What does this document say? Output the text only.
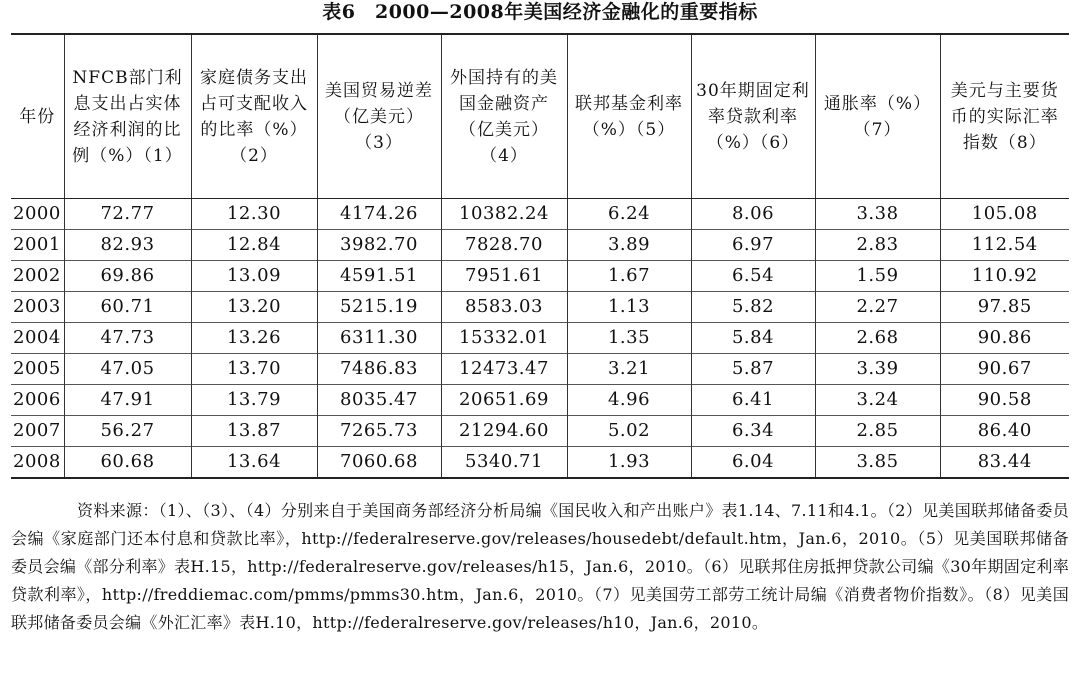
表6　2000—2008年美国经济金融化的重要指标
年份	NFCB部门利息支出占实体经济利润的比例（%）（1）	家庭债务支出占可支配收入的比率（%）（2）	美国贸易逆差（亿美元）（3）	外国持有的美国金融资产（亿美元）（4）	联邦基金利率（%）（5）	30年期固定利率贷款利率（%）（6）	通胀率（%）（7）	美元与主要货币的实际汇率指数（8）
2000	72.77	12.30	4174.26	10382.24	6.24	8.06	3.38	105.08
2001	82.93	12.84	3982.70	7828.70	3.89	6.97	2.83	112.54
2002	69.86	13.09	4591.51	7951.61	1.67	6.54	1.59	110.92
2003	60.71	13.20	5215.19	8583.03	1.13	5.82	2.27	97.85
2004	47.73	13.26	6311.30	15332.01	1.35	5.84	2.68	90.86
2005	47.05	13.70	7486.83	12473.47	3.21	5.87	3.39	90.67
2006	47.91	13.79	8035.47	20651.69	4.96	6.41	3.24	90.58
2007	56.27	13.87	7265.73	21294.60	5.02	6.34	2.85	86.40
2008	60.68	13.64	7060.68	5340.71	1.93	6.04	3.85	83.44
资料来源：（1）、（3）、（4）分别来自于美国商务部经济分析局编《国民收入和产出账户》表1.14、7.11和4.1。（2）见美国联邦储备委员会编《家庭部门还本付息和贷款比率》，http://federalreserve.gov/releases/housedebt/default.htm，Jan.6，2010。（5）见美国联邦储备委员会编《部分利率》表H.15，http://federalreserve.gov/releases/h15，Jan.6，2010。（6）见联邦住房抵押贷款公司编《30年期固定利率贷款利率》，http://freddiemac.com/pmms/pmms30.htm，Jan.6，2010。（7）见美国劳工部劳工统计局编《消费者物价指数》。（8）见美国联邦储备委员会编《外汇汇率》表H.10，http://federalreserve.gov/releases/h10，Jan.6，2010。
